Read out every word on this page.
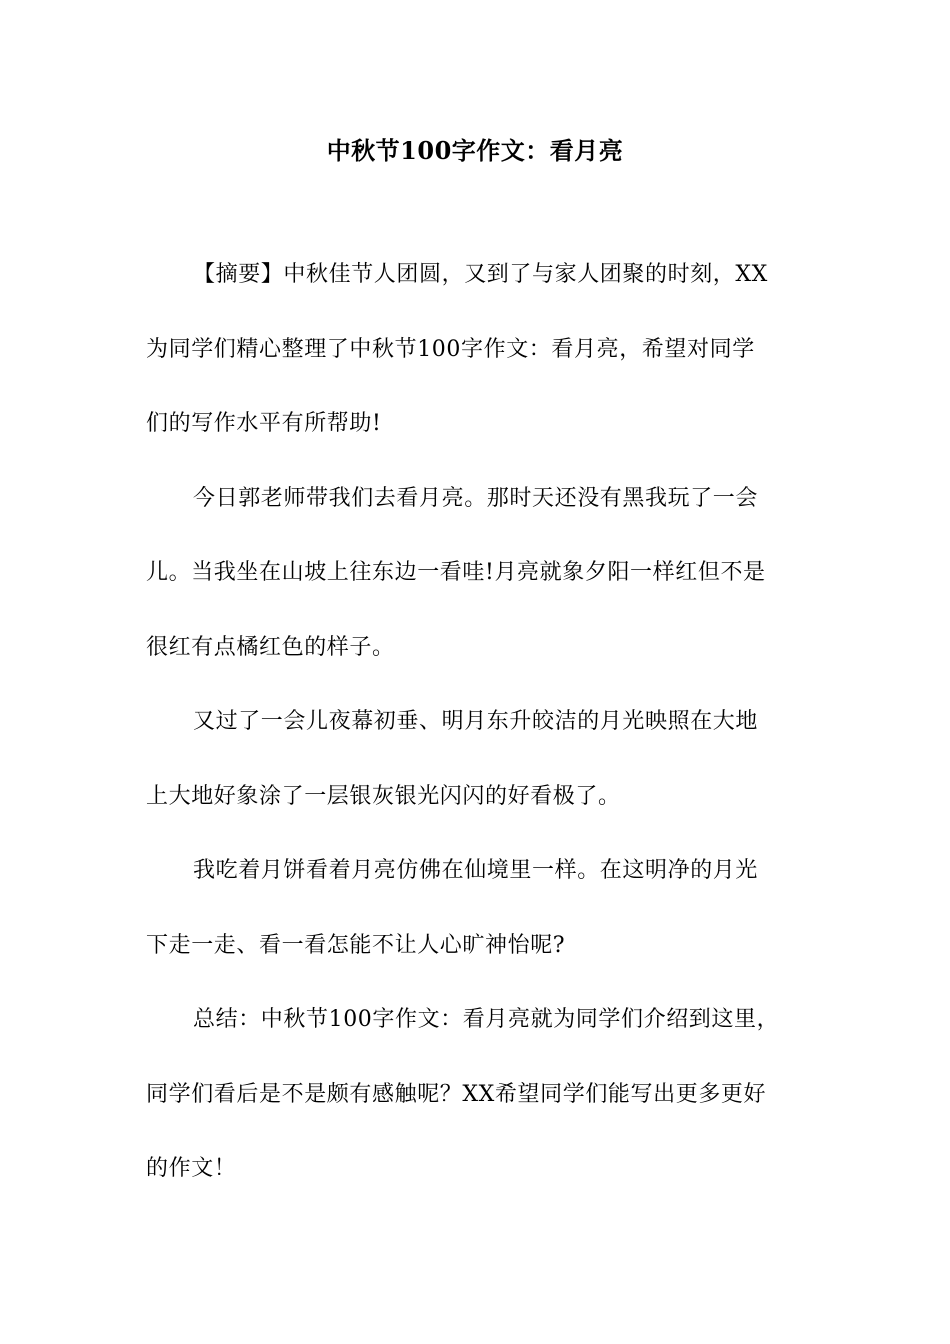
中秋节100字作文：看月亮
【摘要】中秋佳节人团圆，又到了与家人团聚的时刻，XX
为同学们精心整理了中秋节100字作文：看月亮，希望对同学
们的写作水平有所帮助!
今日郭老师带我们去看月亮。那时天还没有黑我玩了一会
儿。当我坐在山坡上往东边一看哇!月亮就象夕阳一样红但不是
很红有点橘红色的样子。
又过了一会儿夜幕初垂、明月东升皎洁的月光映照在大地
上大地好象涂了一层银灰银光闪闪的好看极了。
我吃着月饼看着月亮仿佛在仙境里一样。在这明净的月光
下走一走、看一看怎能不让人心旷神怡呢?
总结：中秋节100字作文：看月亮就为同学们介绍到这里，
同学们看后是不是颇有感触呢？XX希望同学们能写出更多更好
的作文！
